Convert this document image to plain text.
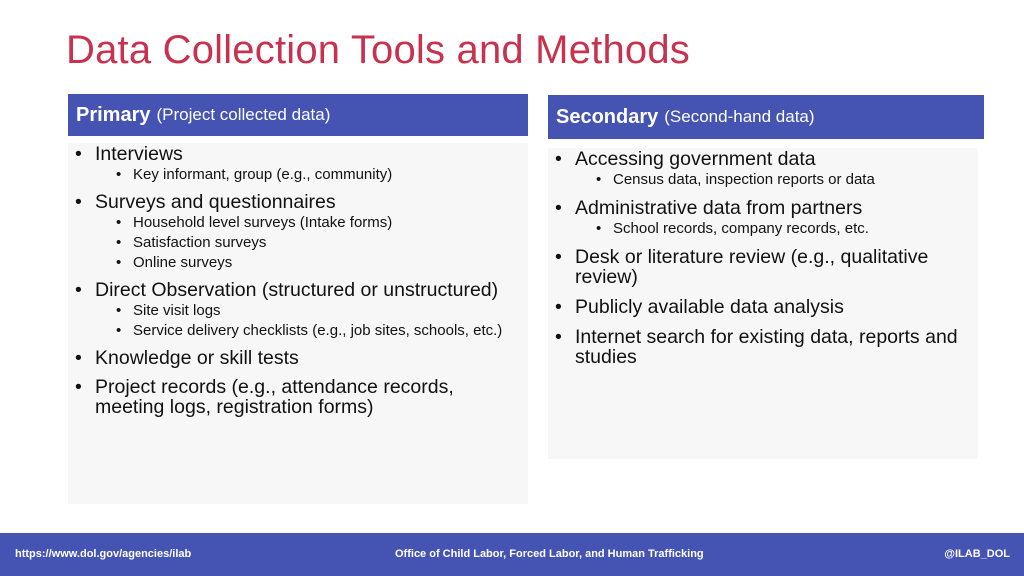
Data Collection Tools and Methods
Primary (Project collected data)
• Interviews
• Key informant, group (e.g., community)
• Surveys and questionnaires
• Household level surveys (Intake forms)
• Satisfaction surveys
• Online surveys
• Direct Observation (structured or unstructured)
• Site visit logs
• Service delivery checklists (e.g., job sites, schools, etc.)
• Knowledge or skill tests
• Project records (e.g., attendance records, meeting logs, registration forms)
Secondary (Second-hand data)
• Accessing government data
• Census data, inspection reports or data
• Administrative data from partners
• School records, company records, etc.
• Desk or literature review (e.g., qualitative review)
• Publicly available data analysis
• Internet search for existing data, reports and studies
https://www.dol.gov/agencies/ilab	Office of Child Labor, Forced Labor, and Human Trafficking	@ILAB_DOL
